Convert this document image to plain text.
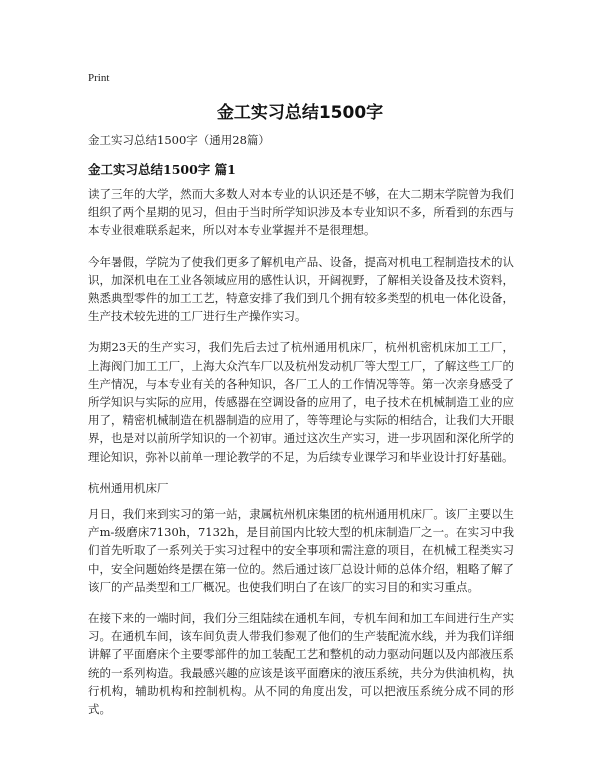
Print
金工实习总结1500字
金工实习总结1500字（通用28篇）
金工实习总结1500字 篇1

读了三年的大学，然而大多数人对本专业的认识还是不够，在大二期末学院曾为我们组织了两个星期的见习，但由于当时所学知识涉及本专业知识不多，所看到的东西与本专业很难联系起来，所以对本专业掌握并不是很理想。

今年暑假，学院为了使我们更多了解机电产品、设备，提高对机电工程制造技术的认识，加深机电在工业各领域应用的感性认识，开阔视野，了解相关设备及技术资料，熟悉典型零件的加工工艺，特意安排了我们到几个拥有较多类型的机电一体化设备，生产技术较先进的工厂进行生产操作实习。

为期23天的生产实习，我们先后去过了杭州通用机床厂，杭州机密机床加工工厂，上海阀门加工工厂，上海大众汽车厂以及杭州发动机厂等大型工厂，了解这些工厂的生产情况，与本专业有关的各种知识，各厂工人的工作情况等等。第一次亲身感受了所学知识与实际的应用，传感器在空调设备的应用了，电子技术在机械制造工业的应用了，精密机械制造在机器制造的应用了，等等理论与实际的相结合，让我们大开眼界，也是对以前所学知识的一个初审。通过这次生产实习，进一步巩固和深化所学的理论知识，弥补以前单一理论教学的不足，为后续专业课学习和毕业设计打好基础。

杭州通用机床厂

月日，我们来到实习的第一站，隶属杭州机床集团的杭州通用机床厂。该厂主要以生产m-级磨床7130h，7132h，是目前国内比较大型的机床制造厂之一。在实习中我们首先听取了一系列关于实习过程中的安全事项和需注意的项目，在机械工程类实习中，安全问题始终是摆在第一位的。然后通过该厂总设计师的总体介绍，粗略了解了该厂的产品类型和工厂概况。也使我们明白了在该厂的实习目的和实习重点。

在接下来的一端时间，我们分三组陆续在通机车间，专机车间和加工车间进行生产实习。在通机车间，该车间负责人带我们参观了他们的生产装配流水线，并为我们详细讲解了平面磨床个主要零部件的加工装配工艺和整机的动力驱动问题以及内部液压系统的一系列构造。我最感兴趣的应该是该平面磨床的液压系统，共分为供油机构，执行机构，辅助机构和控制机构。从不同的角度出发，可以把液压系统分成不同的形式。
